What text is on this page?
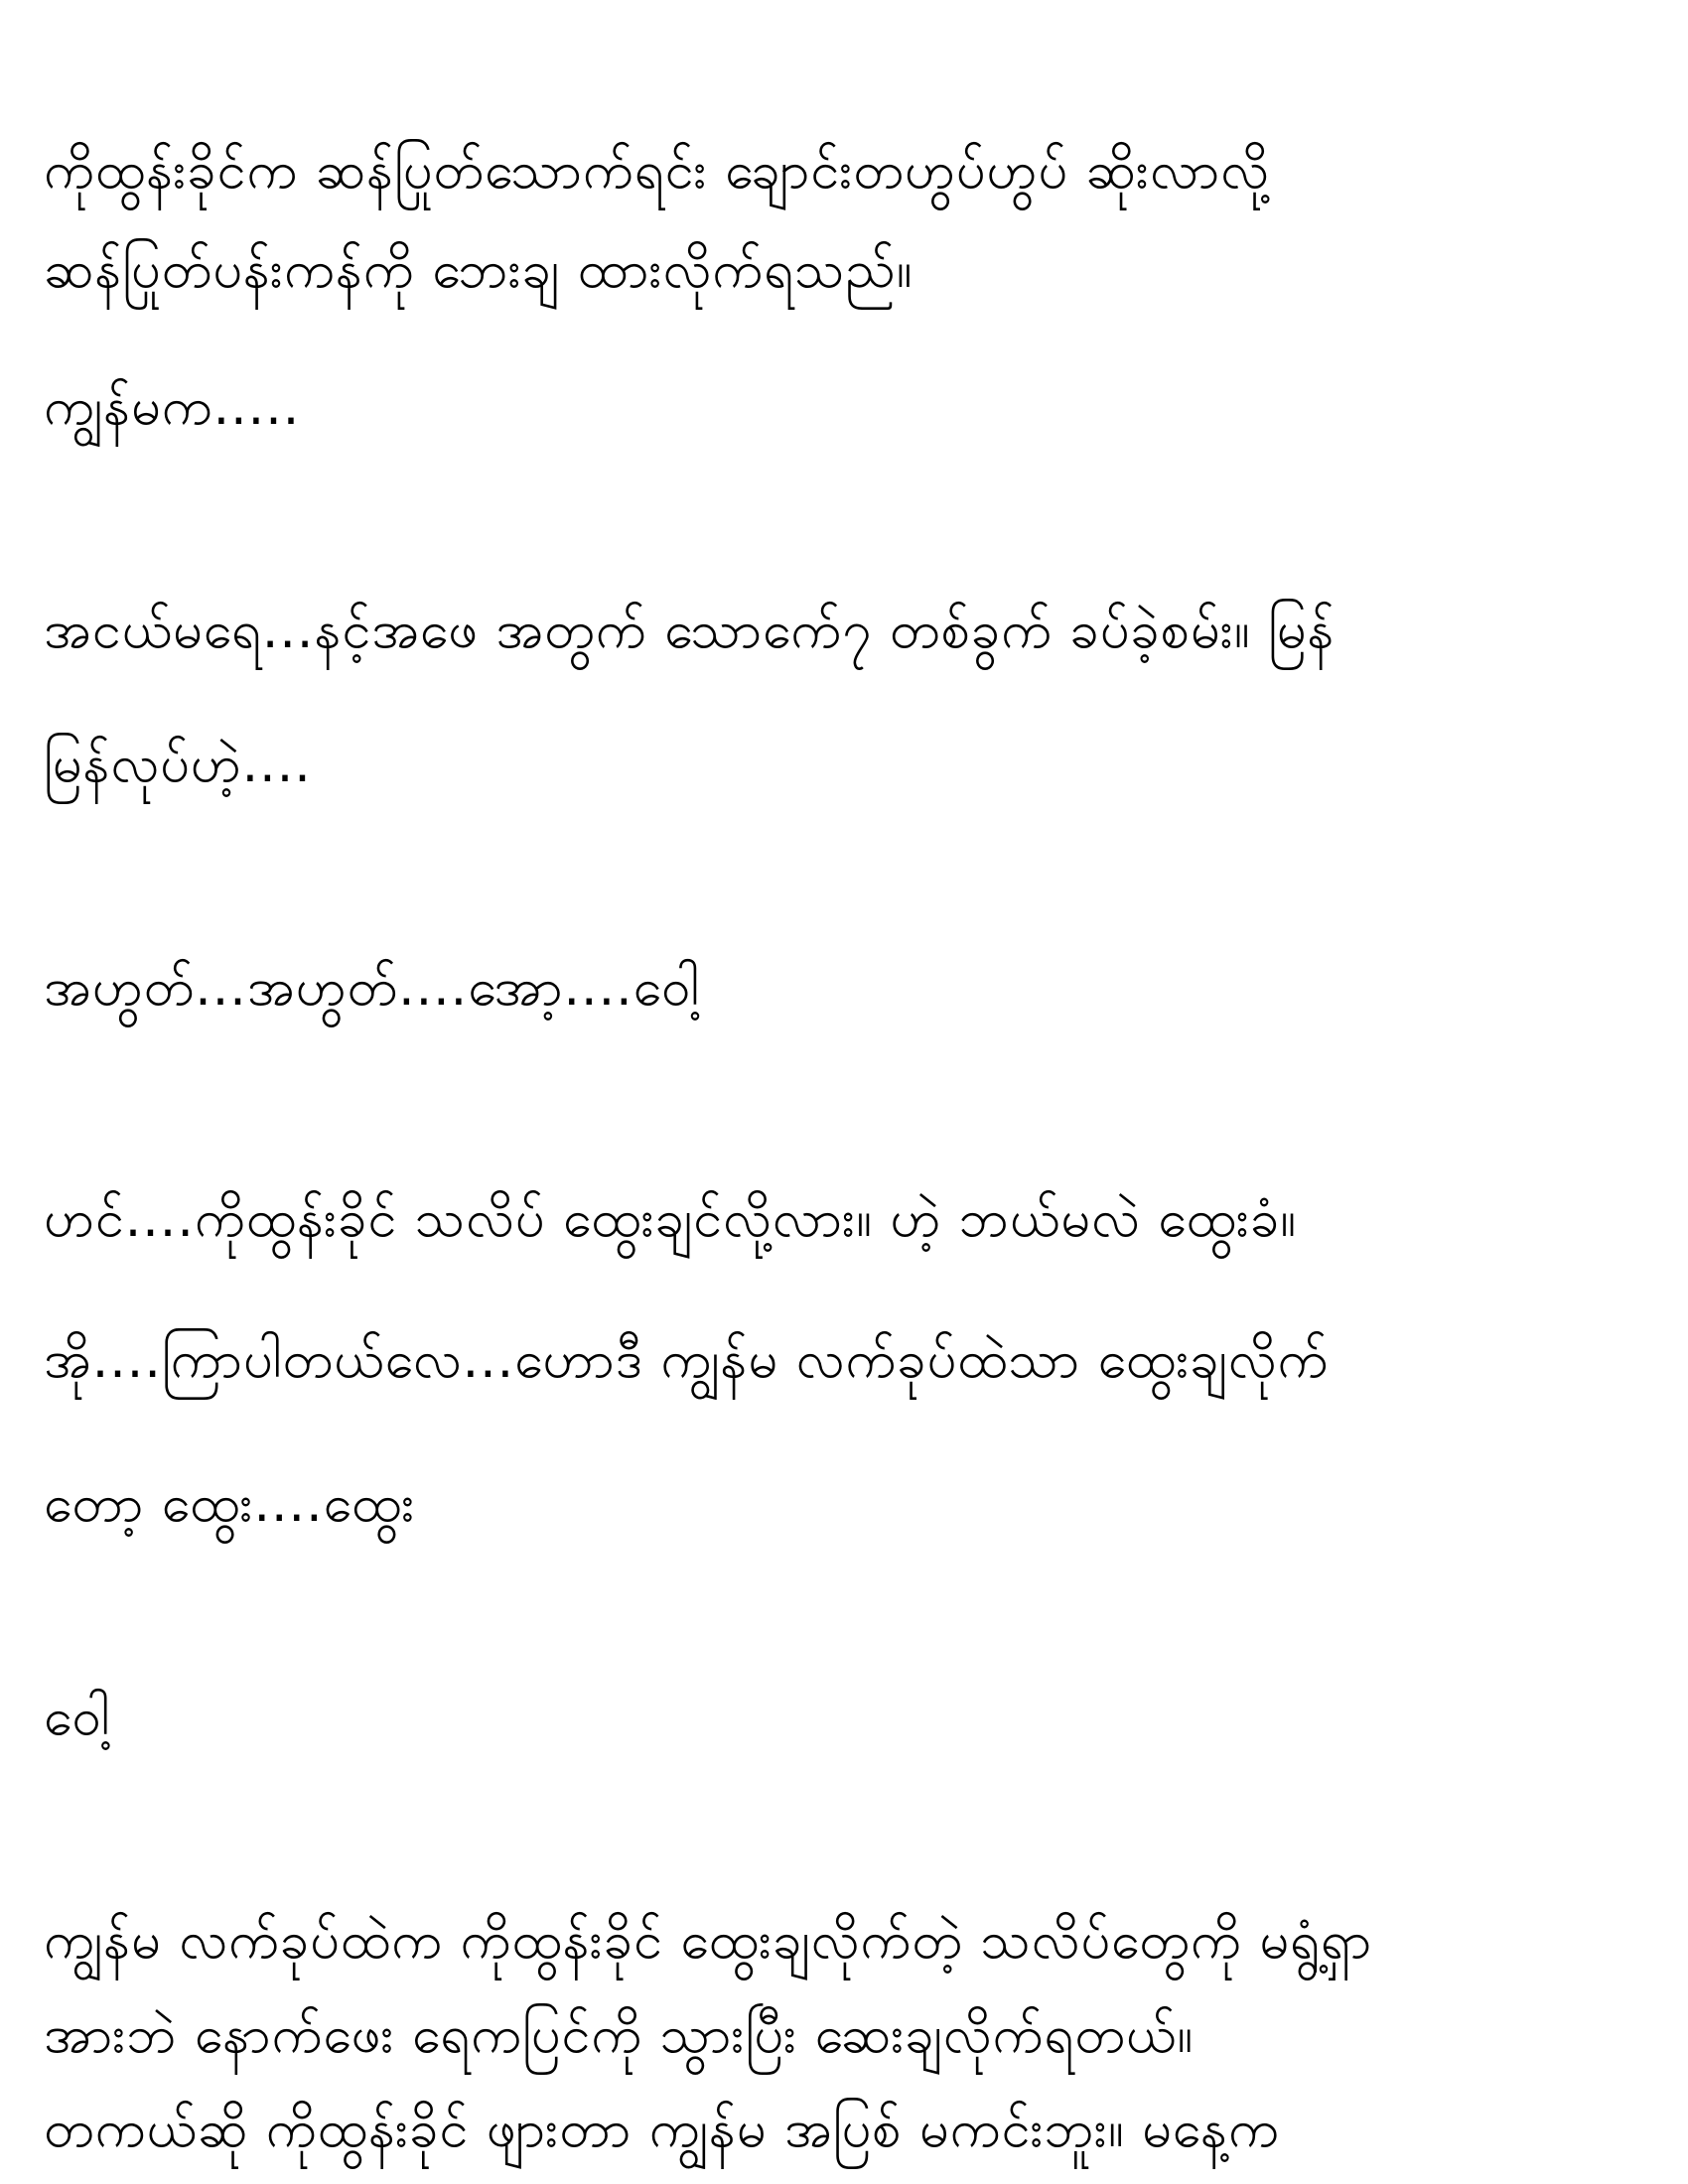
ကိုထွန်းခိုင်က ဆန်ပြုတ်သောက်ရင်း ချောင်းတဟွပ်ဟွပ် ဆိုးလာလို့
ဆန်ပြုတ်ပန်းကန်ကို ဘေးချ ထားလိုက်ရသည်။
ကျွန်မက.....
အငယ်မရေ...နင့်အဖေ အတွက် သောက်ေ၇ တစ်ခွက် ခပ်ခဲ့စမ်း။ မြန်
မြန်လုပ်ဟဲ့....
အဟွတ်...အဟွတ်....အော့....ဝေါ့
ဟင်....ကိုထွန်းခိုင် သလိပ် ထွေးချင်လို့လား။ ဟဲ့ ဘယ်မလဲ ထွေးခံ။
အို....ကြာပါတယ်လေ...ဟောဒီ ကျွန်မ လက်ခုပ်ထဲသာ ထွေးချလိုက်
တော့ ထွေး....ထွေး
ဝေါ့
ကျွန်မ လက်ခုပ်ထဲက ကိုထွန်းခိုင် ထွေးချလိုက်တဲ့ သလိပ်တွေကို မရွံ့ရှာ
အားဘဲ နောက်ဖေး ရေကပြင်ကို သွားပြီး ဆေးချလိုက်ရတယ်။
တကယ်ဆို ကိုထွန်းခိုင် ဖျားတာ ကျွန်မ အပြစ် မကင်းဘူး။ မနေ့က
